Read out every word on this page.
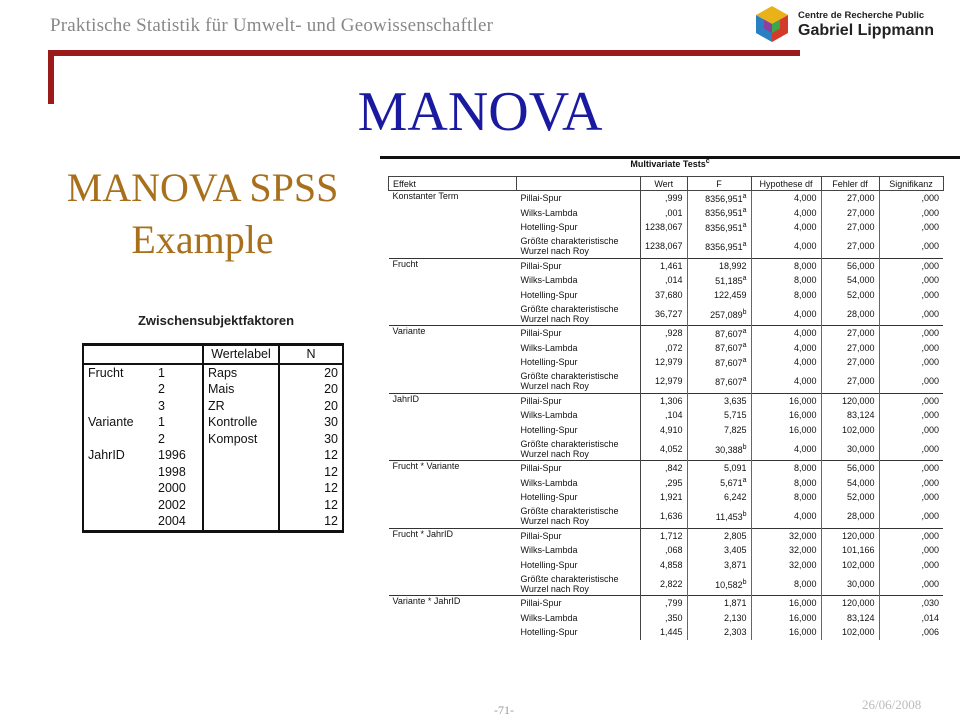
Praktische Statistik für Umwelt- und Geowissenschaftler	Centre de Recherche Public
Gabriel Lippmann
MANOVA
MANOVA SPSS
Example
Zwischensubjektfaktoren
		Wertelabel	N
Frucht	1	Raps	20
	2	Mais	20
	3	ZR	20
Variante	1	Kontrolle	30
	2	Kompost	30
JahrID	1996		12
	1998		12
	2000		12
	2002		12
	2004		12
Multivariate Tests$^c$
Effekt		Wert	F	Hypothese df	Fehler df	Signifikanz
Konstanter Term	Pillai-Spur	,999	8356,951$^a$	4,000	27,000	,000

	Wilks-Lambda	,001	8356,951$^a$	4,000	27,000	,000

	Hotelling-Spur	1238,067	8356,951$^a$	4,000	27,000	,000

	Größte charakteristische
Wurzel nach Roy	1238,067	8356,951$^a$	4,000	27,000	,000
Frucht	Pillai-Spur	1,461	18,992	8,000	56,000	,000

	Wilks-Lambda	,014	51,185$^a$	8,000	54,000	,000

	Hotelling-Spur	37,680	122,459	8,000	52,000	,000

	Größte charakteristische
Wurzel nach Roy	36,727	257,089$^b$	4,000	28,000	,000
Variante	Pillai-Spur	,928	87,607$^a$	4,000	27,000	,000

	Wilks-Lambda	,072	87,607$^a$	4,000	27,000	,000

	Hotelling-Spur	12,979	87,607$^a$	4,000	27,000	,000

	Größte charakteristische
Wurzel nach Roy	12,979	87,607$^a$	4,000	27,000	,000
JahrID	Pillai-Spur	1,306	3,635	16,000	120,000	,000

	Wilks-Lambda	,104	5,715	16,000	83,124	,000

	Hotelling-Spur	4,910	7,825	16,000	102,000	,000

	Größte charakteristische
Wurzel nach Roy	4,052	30,388$^b$	4,000	30,000	,000
Frucht * Variante	Pillai-Spur	,842	5,091	8,000	56,000	,000

	Wilks-Lambda	,295	5,671$^a$	8,000	54,000	,000

	Hotelling-Spur	1,921	6,242	8,000	52,000	,000

	Größte charakteristische
Wurzel nach Roy	1,636	11,453$^b$	4,000	28,000	,000
Frucht * JahrID	Pillai-Spur	1,712	2,805	32,000	120,000	,000

	Wilks-Lambda	,068	3,405	32,000	101,166	,000

	Hotelling-Spur	4,858	3,871	32,000	102,000	,000

	Größte charakteristische
Wurzel nach Roy	2,822	10,582$^b$	8,000	30,000	,000
Variante * JahrID	Pillai-Spur	,799	1,871	16,000	120,000	,030

	Wilks-Lambda	,350	2,130	16,000	83,124	,014

	Hotelling-Spur	1,445	2,303	16,000	102,000	,006
26/06/2008
-71-
